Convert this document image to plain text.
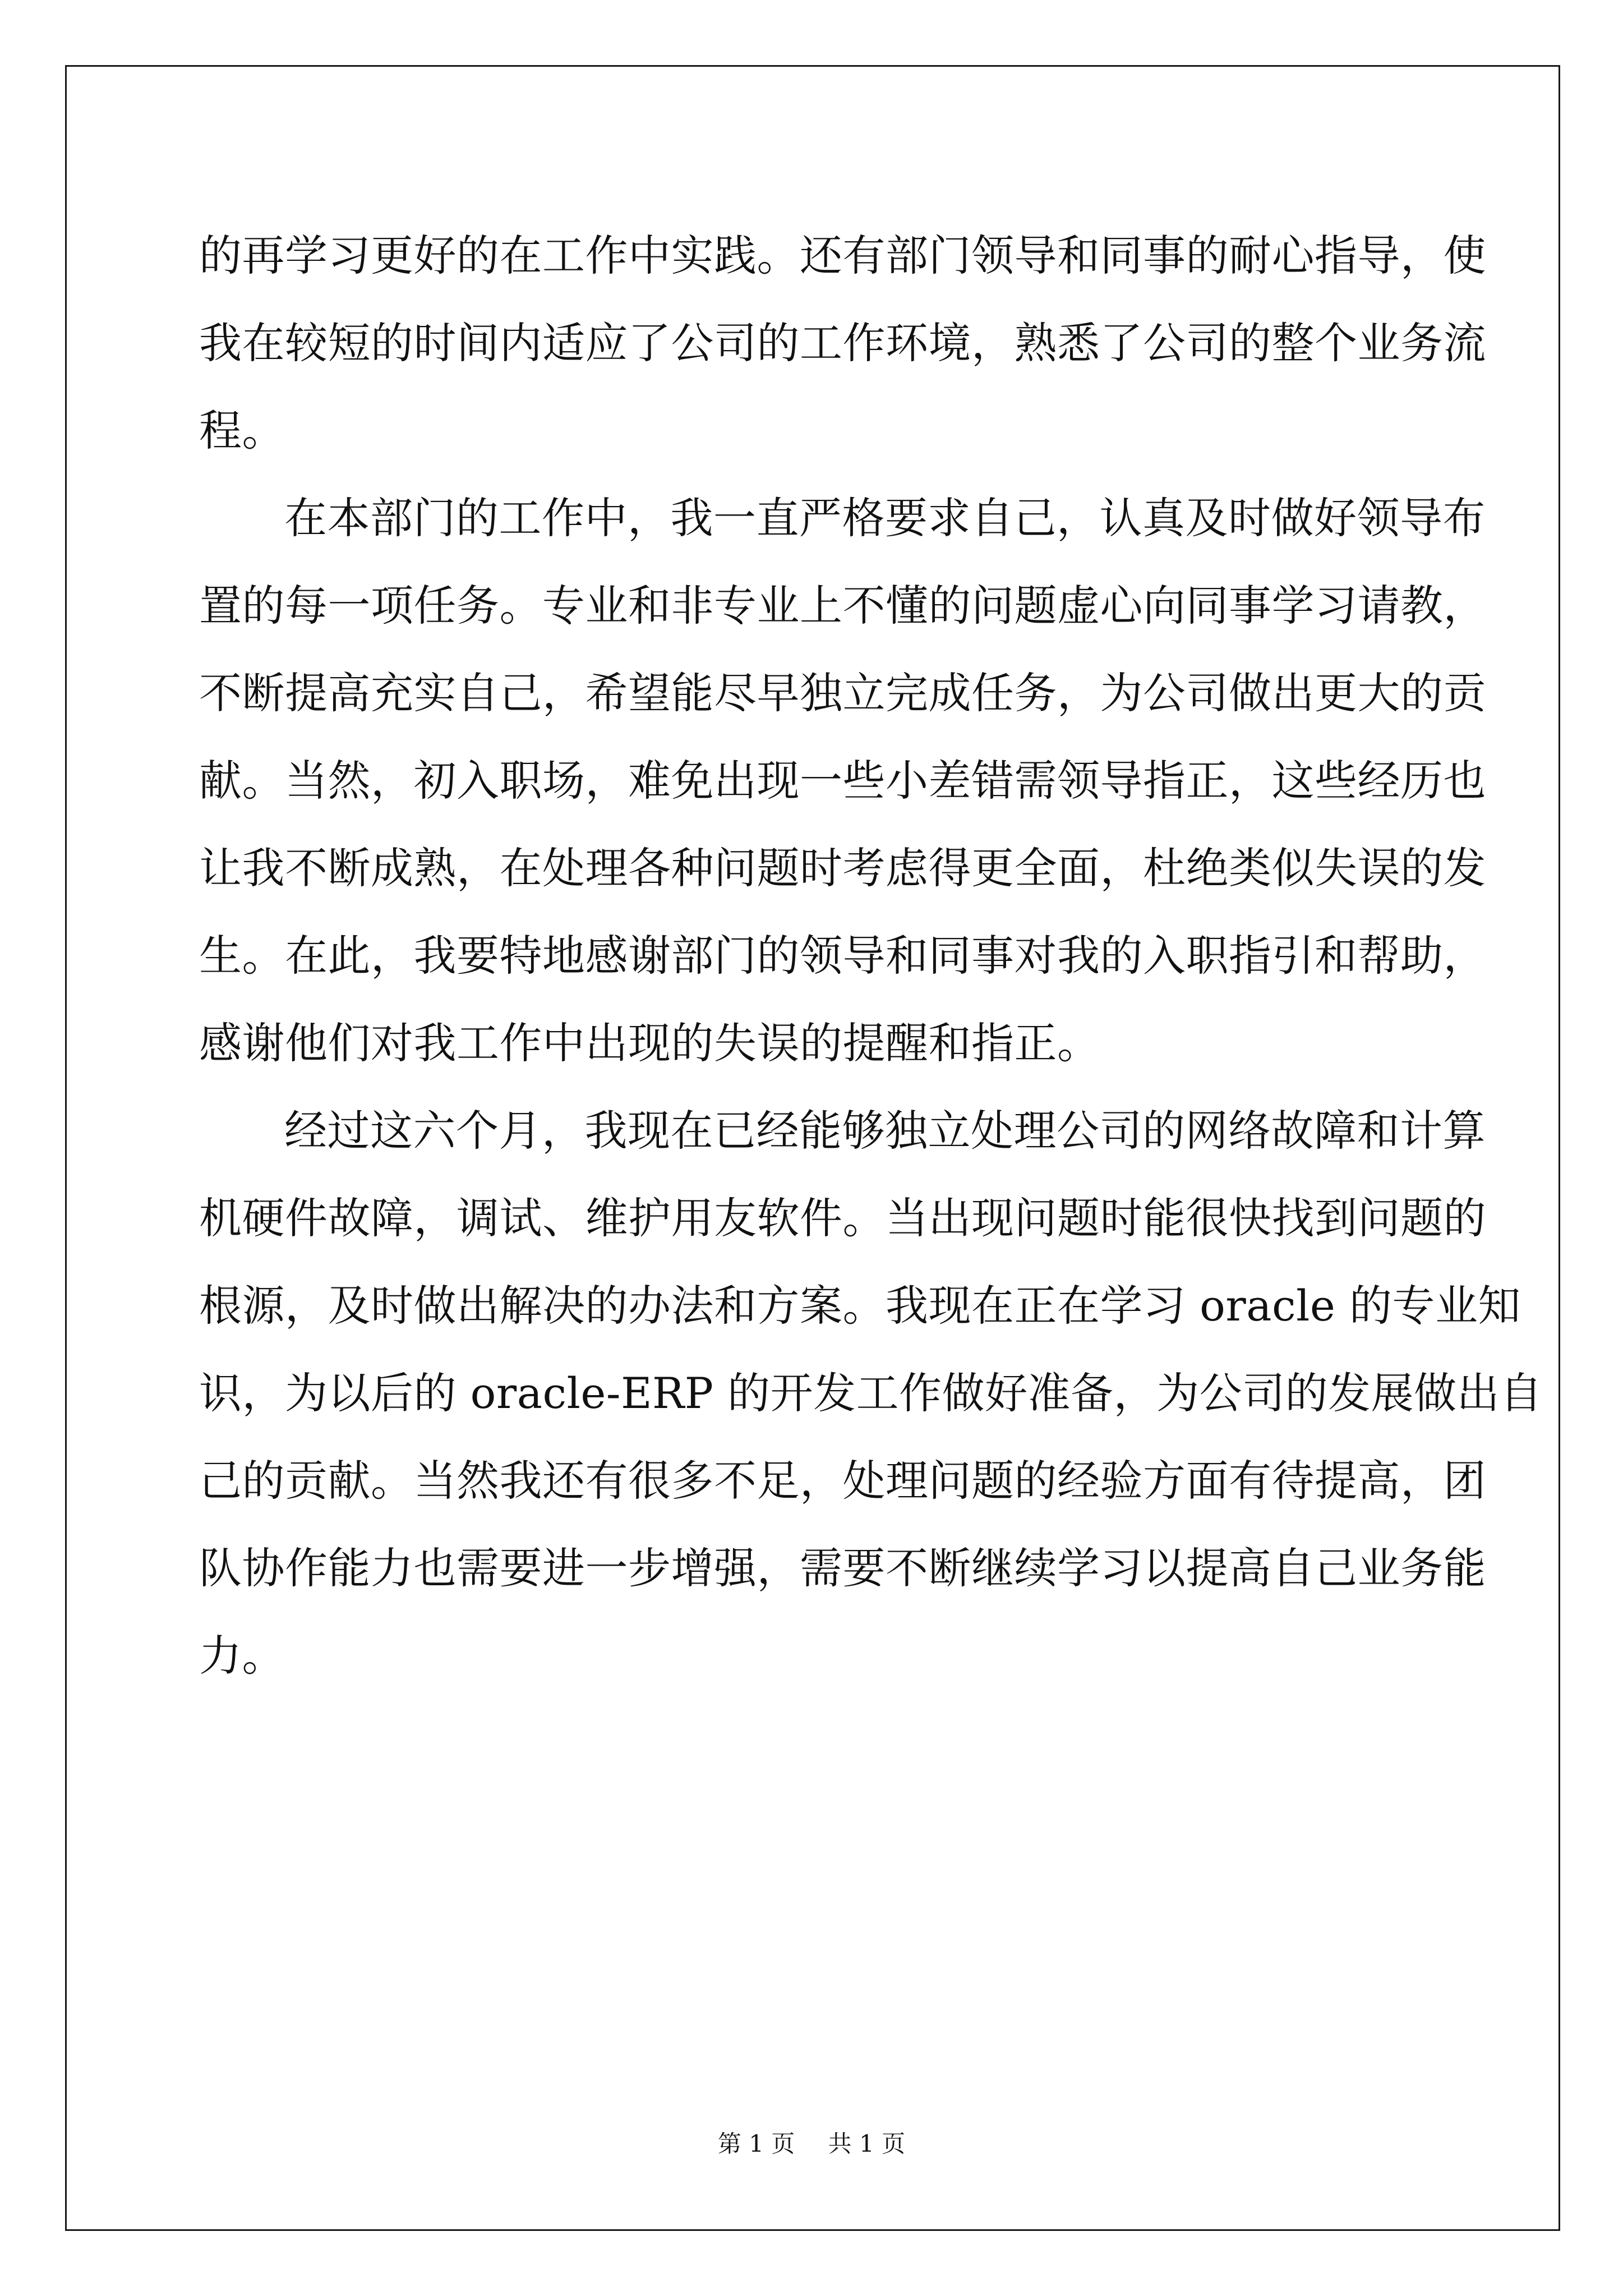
的再学习更好的在工作中实践。还有部门领导和同事的耐心指导，使
我在较短的时间内适应了公司的工作环境，熟悉了公司的整个业务流
程。
在本部门的工作中，我一直严格要求自己，认真及时做好领导布
置的每一项任务。专业和非专业上不懂的问题虚心向同事学习请教，
不断提高充实自己，希望能尽早独立完成任务，为公司做出更大的贡
献。当然，初入职场，难免出现一些小差错需领导指正，这些经历也
让我不断成熟，在处理各种问题时考虑得更全面，杜绝类似失误的发
生。在此，我要特地感谢部门的领导和同事对我的入职指引和帮助，
感谢他们对我工作中出现的失误的提醒和指正。
经过这六个月，我现在已经能够独立处理公司的网络故障和计算
机硬件故障，调试、维护用友软件。当出现问题时能很快找到问题的
根源，及时做出解决的办法和方案。我现在正在学习 oracle 的专业知
识，为以后的 oracle-ERP 的开发工作做好准备，为公司的发展做出自
己的贡献。当然我还有很多不足，处理问题的经验方面有待提高，团
队协作能力也需要进一步增强，需要不断继续学习以提高自己业务能
力。
第 1 页 共 1 页
